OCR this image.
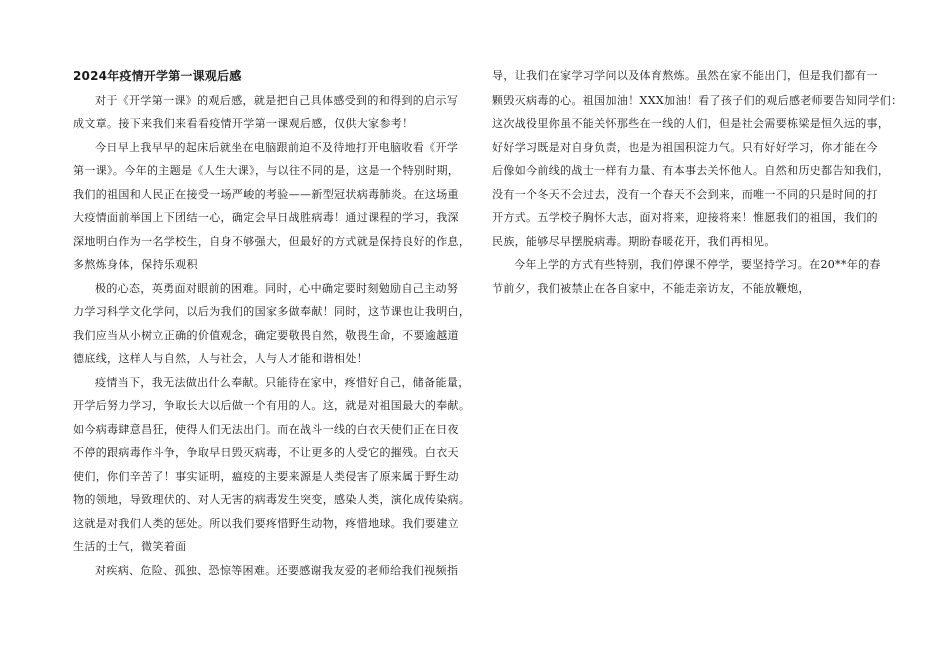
2024年疫情开学第一课观后感
对于《开学第一课》的观后感，就是把自己具体感受到的和得到的启示写
成文章。接下来我们来看看疫情开学第一课观后感，仅供大家参考！
今日早上我早早的起床后就坐在电脑跟前迫不及待地打开电脑收看《开学
第一课》。今年的主题是《人生大课》，与以往不同的是，这是一个特别时期，
我们的祖国和人民正在接受一场严峻的考验——新型冠状病毒肺炎。在这场重
大疫情面前举国上下团结一心，确定会早日战胜病毒！通过课程的学习，我深
深地明白作为一名学校生，自身不够强大，但最好的方式就是保持良好的作息，
多熬炼身体，保持乐观积
极的心态，英勇面对眼前的困难。同时，心中确定要时刻勉励自己主动努
力学习科学文化学问，以后为我们的国家多做奉献！同时，这节课也让我明白，
我们应当从小树立正确的价值观念，确定要敬畏自然，敬畏生命，不要逾越道
德底线，这样人与自然，人与社会，人与人才能和谐相处！
疫情当下，我无法做出什么奉献。只能待在家中，疼惜好自己，储备能量，
开学后努力学习，争取长大以后做一个有用的人。这，就是对祖国最大的奉献。
如今病毒肆意昌狂，使得人们无法出门。而在战斗一线的白衣天使们正在日夜
不停的跟病毒作斗争，争取早日毁灭病毒，不让更多的人受它的摧残。白衣天
使们，你们辛苦了！事实证明，瘟疫的主要来源是人类侵害了原来属于野生动
物的领地，导致理伏的、对人无害的病毒发生突变，感染人类，演化成传染病。
这就是对我们人类的惩处。所以我们要疼惜野生动物，疼惜地球。我们要建立
生活的士气，微笑着面
对疾病、危险、孤独、恐惊等困难。还要感谢我友爱的老师给我们视频指
导，让我们在家学习学问以及体育熬炼。虽然在家不能出门，但是我们都有一
颗毁灭病毒的心。祖国加油！XXX加油！看了孩子们的观后感老师要告知同学们：
这次战役里你虽不能关怀那些在一线的人们，但是社会需要栋梁是恒久远的事，
好好学习既是对自身负责，也是为祖国积淀力气。只有好好学习，你才能在今
后像如今前线的战士一样有力量、有本事去关怀他人。自然和历史都告知我们，
没有一个冬天不会过去，没有一个春天不会到来，而唯一不同的只是时间的打
开方式。五学校子胸怀大志，面对将来，迎接将来！惟愿我们的祖国，我们的
民族，能够尽早摆脱病毒。期盼春暖花开，我们再相见。
今年上学的方式有些特别，我们停课不停学，要坚持学习。在20**年的春
节前夕，我们被禁止在各自家中，不能走亲访友，不能放鞭炮，
